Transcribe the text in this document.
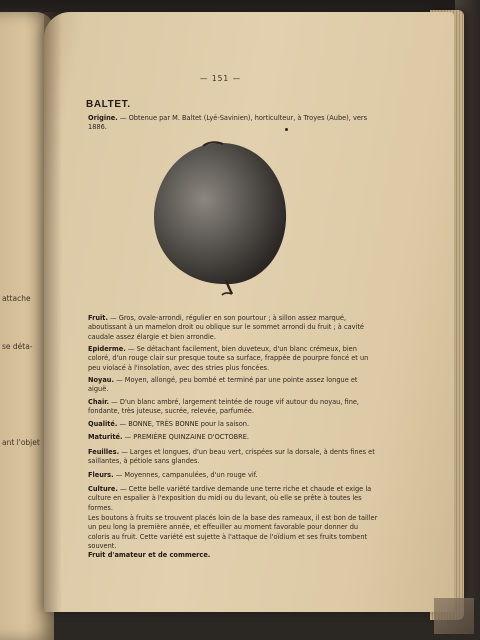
attache
se déta-
ant l'objet
— 151 —
BALTET.
Origine. — Obtenue par M. Baltet (Lyé-Savinien), horticulteur, à Troyes (Aube), vers 1886.
Fruit. — Gros, ovale-arrondi, régulier en son pourtour ; à sillon assez marqué, aboutissant à un mamelon droit ou oblique sur le sommet arrondi du fruit ; à cavité caudale assez élargie et bien arrondie.
Epiderme. — Se détachant facilement, bien duveteux, d'un blanc crémeux, bien coloré, d'un rouge clair sur presque toute sa surface, frappée de pourpre foncé et un peu violacé à l'insolation, avec des stries plus foncées.
Noyau. — Moyen, allongé, peu bombé et terminé par une pointe assez longue et aiguë.
Chair. — D'un blanc ambré, largement teintée de rouge vif autour du noyau, fine, fondante, très juteuse, sucrée, relevée, parfumée.
Qualité. — BONNE, TRÈS BONNE pour la saison.
Maturité. — PREMIÈRE QUINZAINE D'OCTOBRE.
Feuilles. — Larges et longues, d'un beau vert, crispées sur la dorsale, à dents fines et saillantes, à pétiole sans glandes.
Fleurs. — Moyennes, campanulées, d'un rouge vif.
Culture. — Cette belle variété tardive demande une terre riche et chaude et exige la culture en espalier à l'exposition du midi ou du levant, où elle se prête à toutes les formes.
Les boutons à fruits se trouvent placés loin de la base des rameaux, il est bon de tailler un peu long la première année, et effeuiller au moment favorable pour donner du coloris au fruit. Cette variété est sujette à l'attaque de l'oïdium et ses fruits tombent souvent.
Fruit d'amateur et de commerce.
